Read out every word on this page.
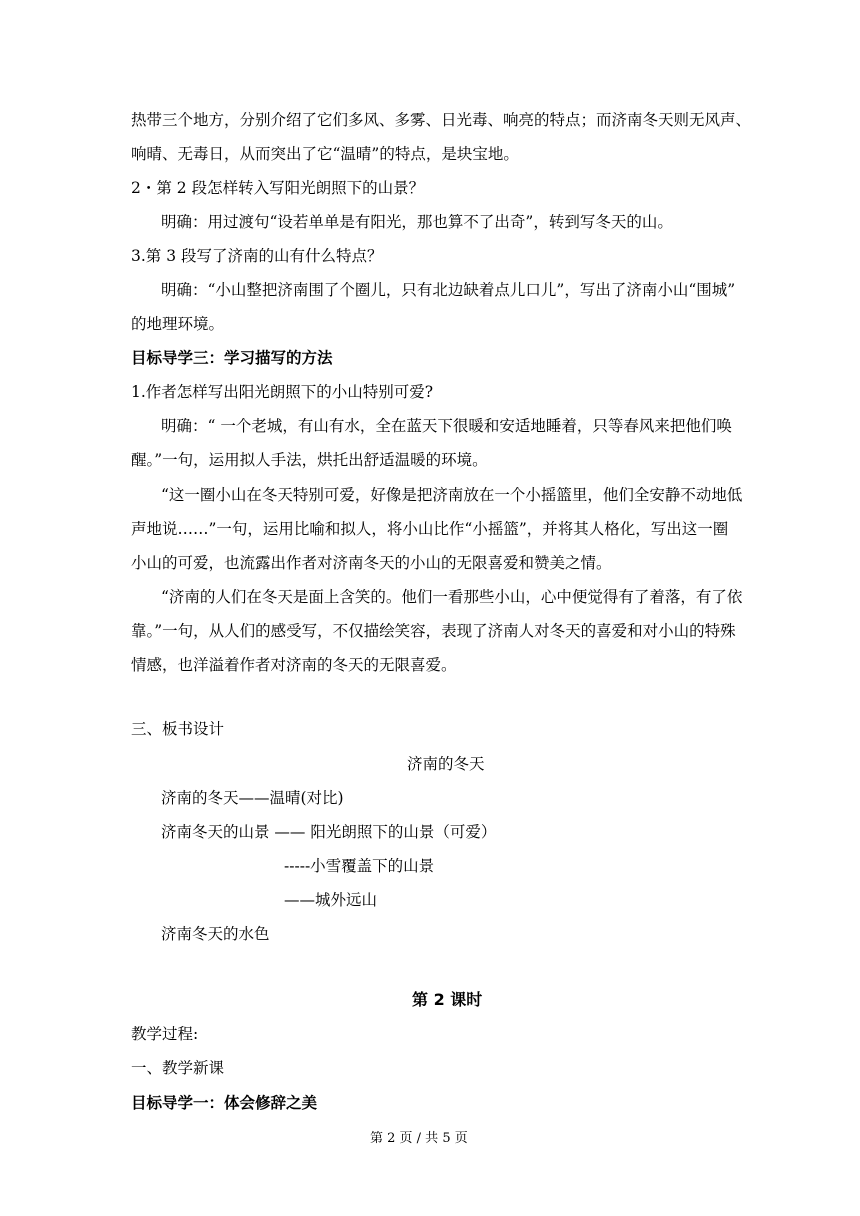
热带三个地方，分别介绍了它们多风、多雾、日光毒、响亮的特点；而济南冬天则无风声、
响晴、无毒日，从而突出了它“温晴”的特点，是块宝地。
2・第 2 段怎样转入写阳光朗照下的山景？
明确：用过渡句“设若单单是有阳光，那也算不了出奇”，转到写冬天的山。
3.第 3 段写了济南的山有什么特点？
明确：“小山整把济南围了个圈儿，只有北边缺着点儿口儿”，写出了济南小山“围城”
的地理环境。
目标导学三：学习描写的方法
1.作者怎样写出阳光朗照下的小山特别可爱?
明确：“ 一个老城，有山有水，全在蓝天下很暖和安适地睡着，只等春风来把他们唤
醒。”一句，运用拟人手法，烘托出舒适温暖的环境。
“这一圈小山在冬天特别可爱，好像是把济南放在一个小摇篮里，他们全安静不动地低
声地说……”一句，运用比喻和拟人，将小山比作“小摇篮”，并将其人格化，写出这一圈
小山的可爱，也流露出作者对济南冬天的小山的无限喜爱和赞美之情。
“济南的人们在冬天是面上含笑的。他们一看那些小山，心中便觉得有了着落，有了依
靠。”一句，从人们的感受写，不仅描绘笑容，表现了济南人对冬天的喜爱和对小山的特殊
情感，也洋溢着作者对济南的冬天的无限喜爱。
三、板书设计
济南的冬天
济南的冬天——温晴(对比)
济南冬天的山景 —— 阳光朗照下的山景（可爱）
-----小雪覆盖下的山景
——城外远山
济南冬天的水色
第 2 课时
教学过程:
一、教学新课
目标导学一：体会修辞之美
第 2 页 / 共 5 页
